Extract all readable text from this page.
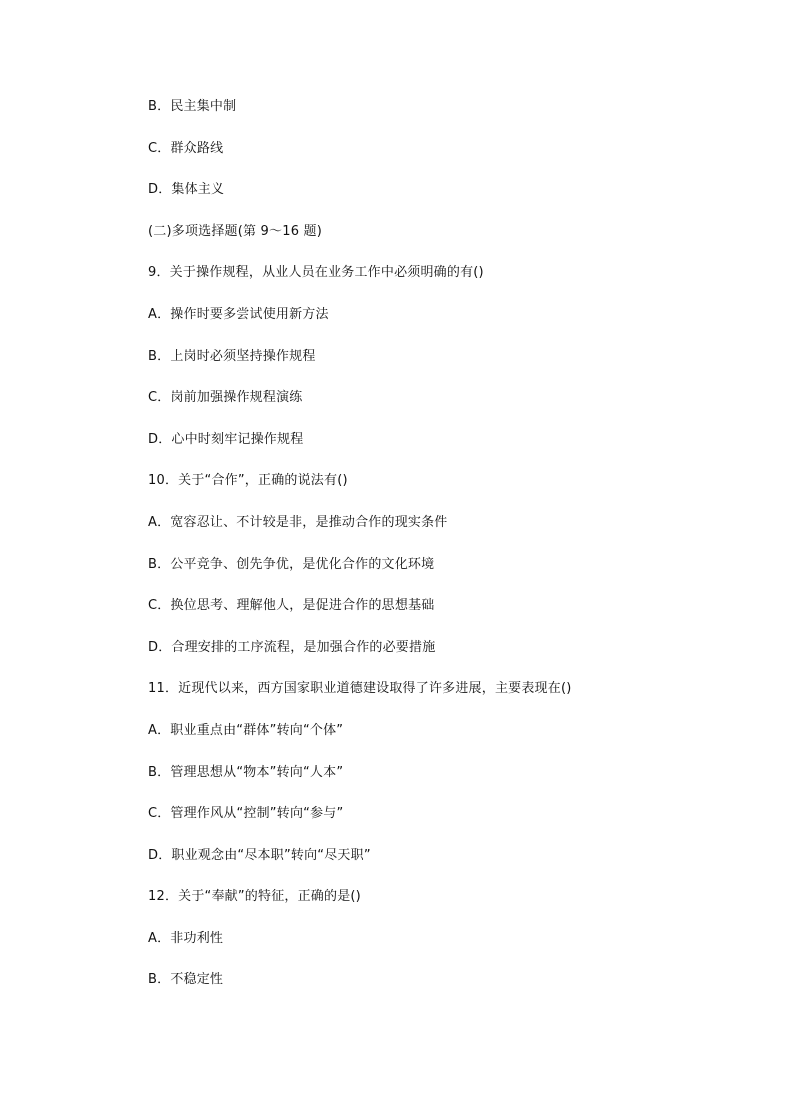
B．民主集中制
C．群众路线
D．集体主义
(二)多项选择题(第 9～16 题)
9．关于操作规程，从业人员在业务工作中必须明确的有()
A．操作时要多尝试使用新方法
B．上岗时必须坚持操作规程
C．岗前加强操作规程演练
D．心中时刻牢记操作规程
10．关于“合作”，正确的说法有()
A．宽容忍让、不计较是非，是推动合作的现实条件
B．公平竞争、创先争优，是优化合作的文化环境
C．换位思考、理解他人，是促进合作的思想基础
D．合理安排的工序流程，是加强合作的必要措施
11．近现代以来，西方国家职业道德建设取得了许多进展，主要表现在()
A．职业重点由“群体”转向“个体”
B．管理思想从“物本”转向“人本”
C．管理作风从“控制”转向“参与”
D．职业观念由“尽本职”转向“尽天职”
12．关于“奉献”的特征，正确的是()
A．非功利性
B．不稳定性
